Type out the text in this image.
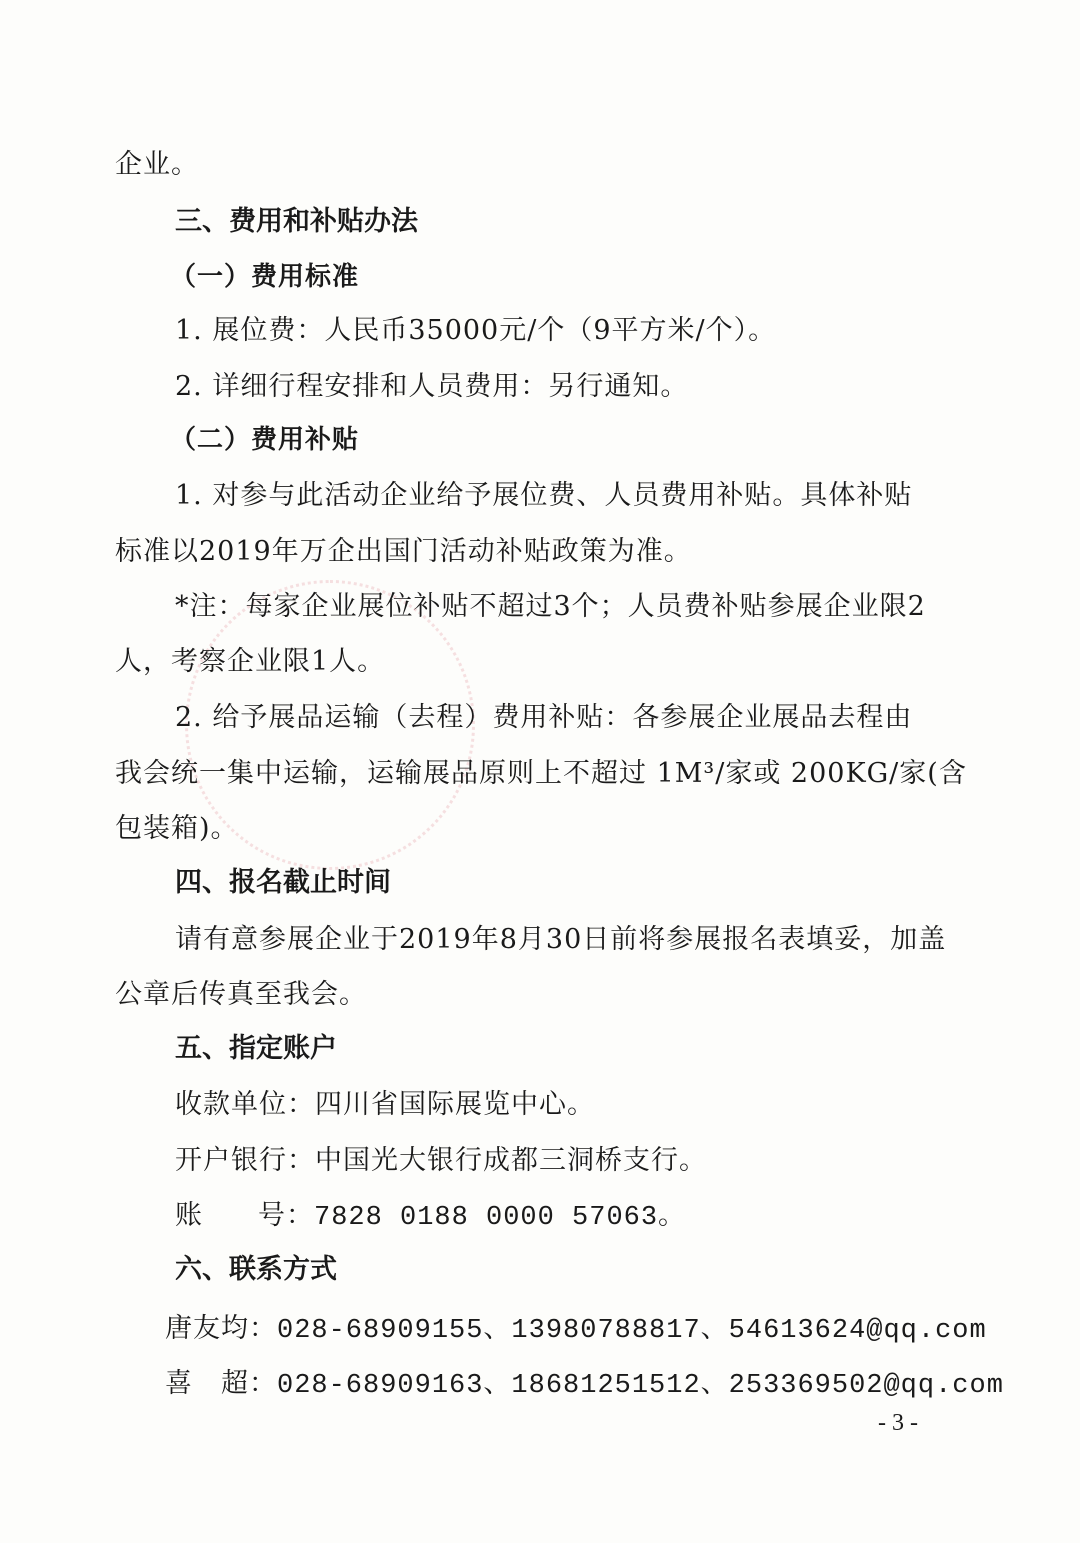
企业。
三、费用和补贴办法
（一）费用标准
1. 展位费：人民币35000元/个（9平方米/个）。
2. 详细行程安排和人员费用：另行通知。
（二）费用补贴
1. 对参与此活动企业给予展位费、人员费用补贴。具体补贴
标准以2019年万企出国门活动补贴政策为准。
*注：每家企业展位补贴不超过3个；人员费补贴参展企业限2
人，考察企业限1人。
2. 给予展品运输（去程）费用补贴：各参展企业展品去程由
我会统一集中运输，运输展品原则上不超过 1M³/家或 200KG/家(含
包装箱)。
四、报名截止时间
请有意参展企业于2019年8月30日前将参展报名表填妥，加盖
公章后传真至我会。
五、指定账户
收款单位：四川省国际展览中心。
开户银行：中国光大银行成都三洞桥支行。
账 号：7828 0188 0000 57063。
六、联系方式
唐友均：028-68909155、13980788817、54613624@qq.com
喜　超：028-68909163、18681251512、253369502@qq.com
- 3 -
